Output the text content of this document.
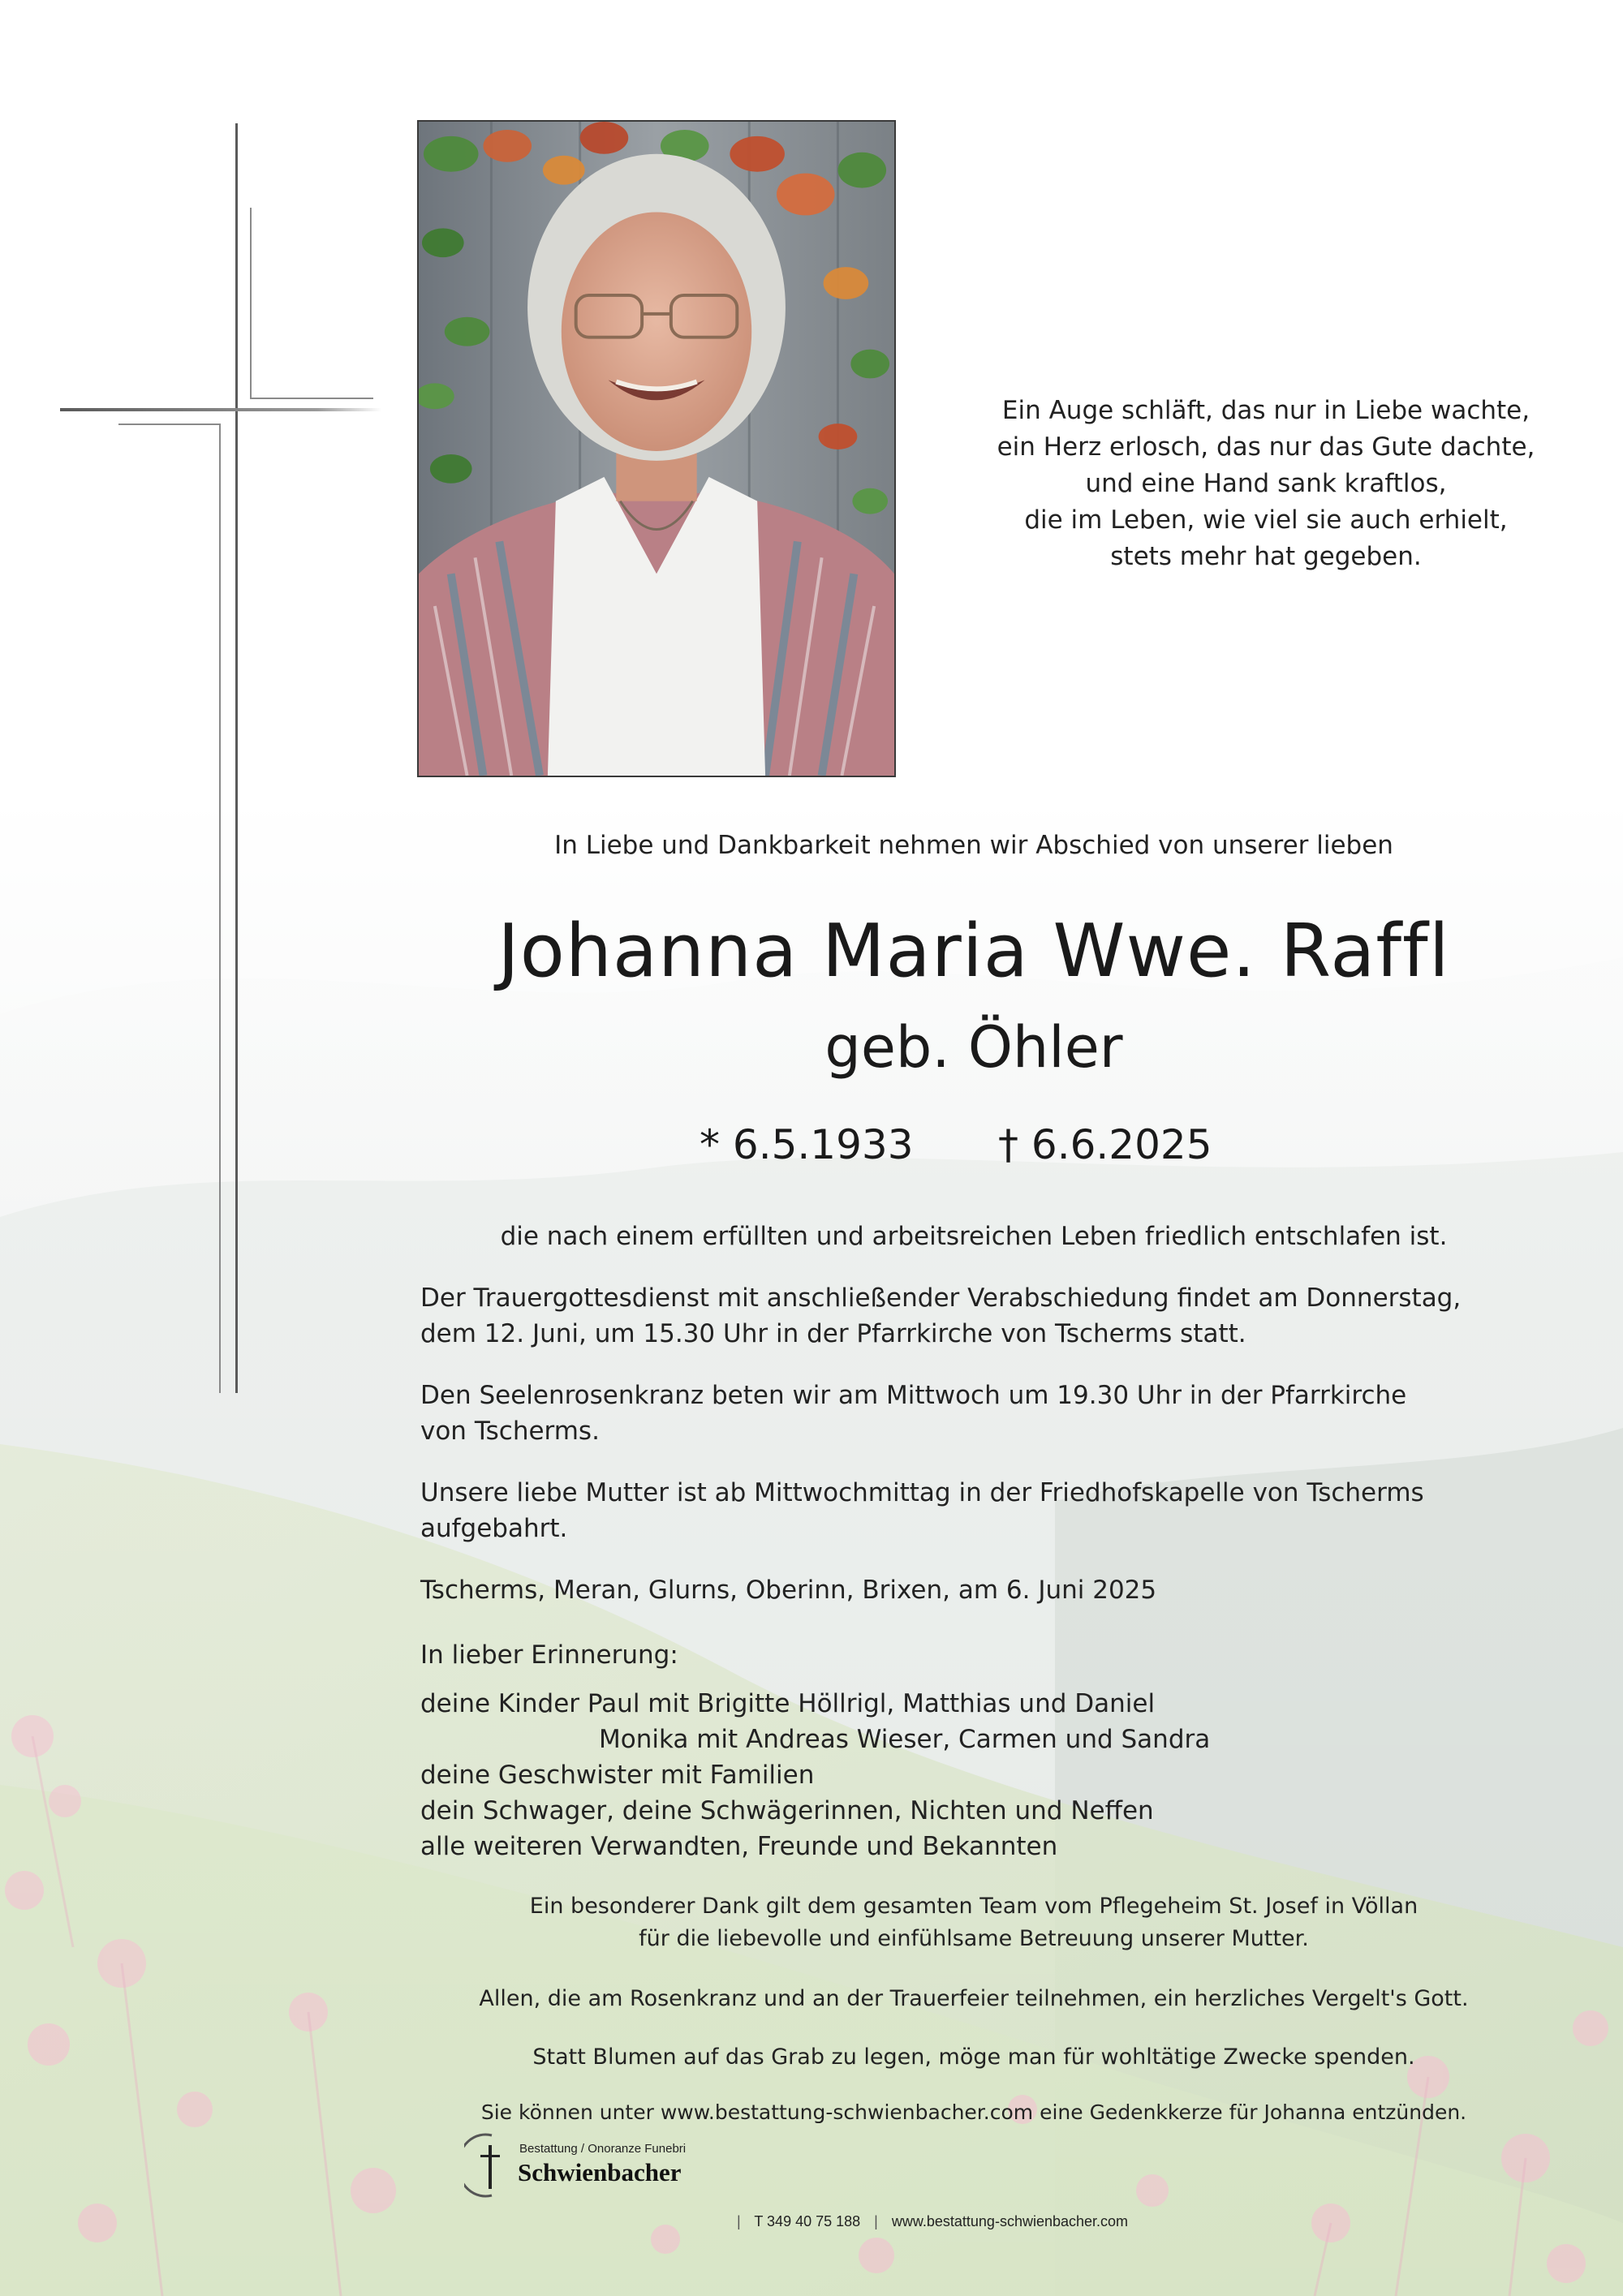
Ein Auge schläft, das nur in Liebe wachte,
ein Herz erlosch, das nur das Gute dachte,
und eine Hand sank kraftlos,
die im Leben, wie viel sie auch erhielt,
stets mehr hat gegeben.
In Liebe und Dankbarkeit nehmen wir Abschied von unserer lieben
Johanna Maria Wwe. Raffl
geb. Öhler
* 6.5.1933 † 6.6.2025
die nach einem erfüllten und arbeitsreichen Leben friedlich entschlafen ist.
Der Trauergottesdienst mit anschließender Verabschiedung findet am Donnerstag,
dem 12. Juni, um 15.30 Uhr in der Pfarrkirche von Tscherms statt.
Den Seelenrosenkranz beten wir am Mittwoch um 19.30 Uhr in der Pfarrkirche
von Tscherms.
Unsere liebe Mutter ist ab Mittwochmittag in der Friedhofskapelle von Tscherms
aufgebahrt.
Tscherms, Meran, Glurns, Oberinn, Brixen, am 6. Juni 2025
In lieber Erinnerung:
deine Kinder Paul mit Brigitte Höllrigl, Matthias und Daniel
Monika mit Andreas Wieser, Carmen und Sandra
deine Geschwister mit Familien
dein Schwager, deine Schwägerinnen, Nichten und Neffen
alle weiteren Verwandten, Freunde und Bekannten
Ein besonderer Dank gilt dem gesamten Team vom Pflegeheim St. Josef in Völlan
für die liebevolle und einfühlsame Betreuung unserer Mutter.
Allen, die am Rosenkranz und an der Trauerfeier teilnehmen, ein herzliches Vergelt's Gott.
Statt Blumen auf das Grab zu legen, möge man für wohltätige Zwecke spenden.
Sie können unter www.bestattung-schwienbacher.com eine Gedenkkerze für Johanna entzünden.
Bestattung / Onoranze Funebri
Schwienbacher
| T 349 40 75 188 | www.bestattung-schwienbacher.com
